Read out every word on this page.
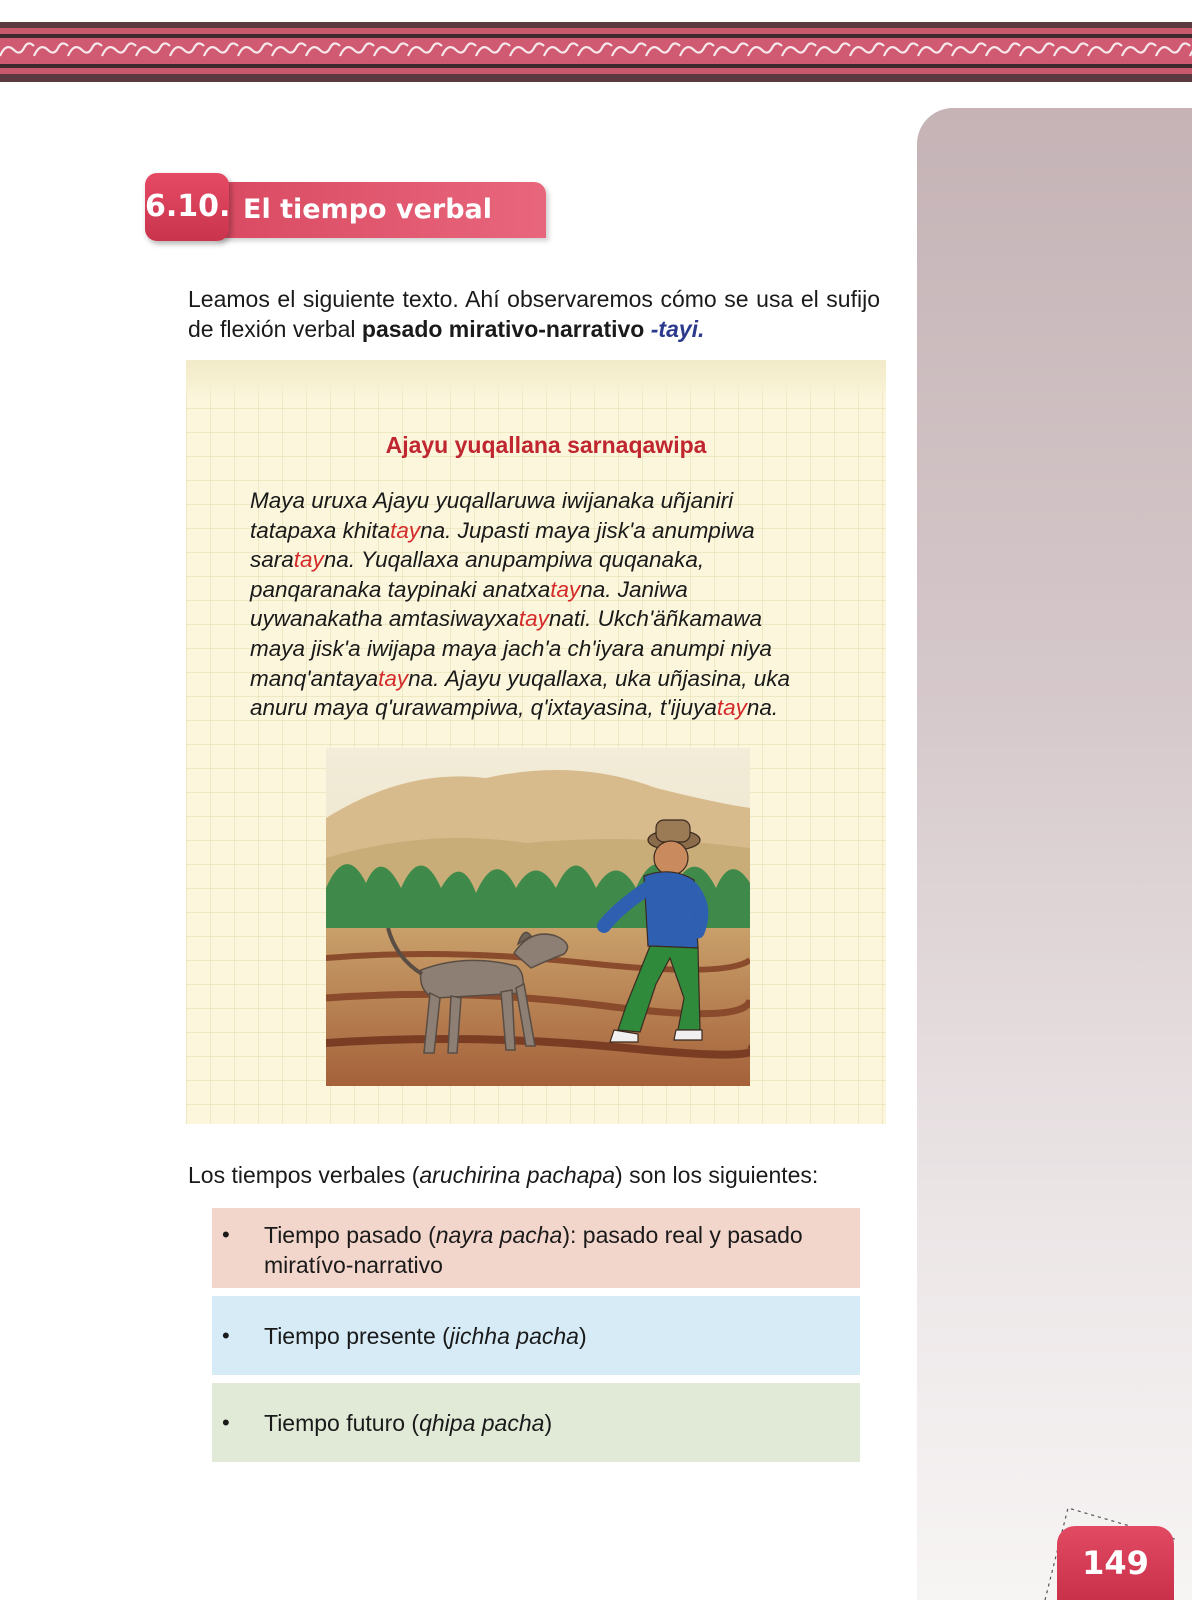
6.10. El tiempo verbal

Leamos el siguiente texto. Ahí observaremos cómo se usa el sufijo de flexión verbal pasado mirativo-narrativo -tayi.

Ajayu yuqallana sarnaqawipa
Maya uruxa Ajayu yuqallaruwa iwijanaka uñjaniri
tatapaxa khitatayna. Jupasti maya jisk'a anumpiwa
saratayna. Yuqallaxa anupampiwa quqanaka,
panqaranaka taypinaki anatxatayna. Janiwa
uywanakatha amtasiwayxataynati. Ukch'äñkamawa
maya jisk'a iwijapa maya jach'a ch'iyara anumpi niya
manq'antayatayna. Ajayu yuqallaxa, uka uñjasina, uka
anuru maya q'urawampiwa, q'ixtayasina, t'ijuyatayna.

Los tiempos verbales (aruchirina pachapa) son los siguientes:

• Tiempo pasado (nayra pacha): pasado real y pasado miratívo-narrativo
• Tiempo presente (jichha pacha)
• Tiempo futuro (qhipa pacha)
149
